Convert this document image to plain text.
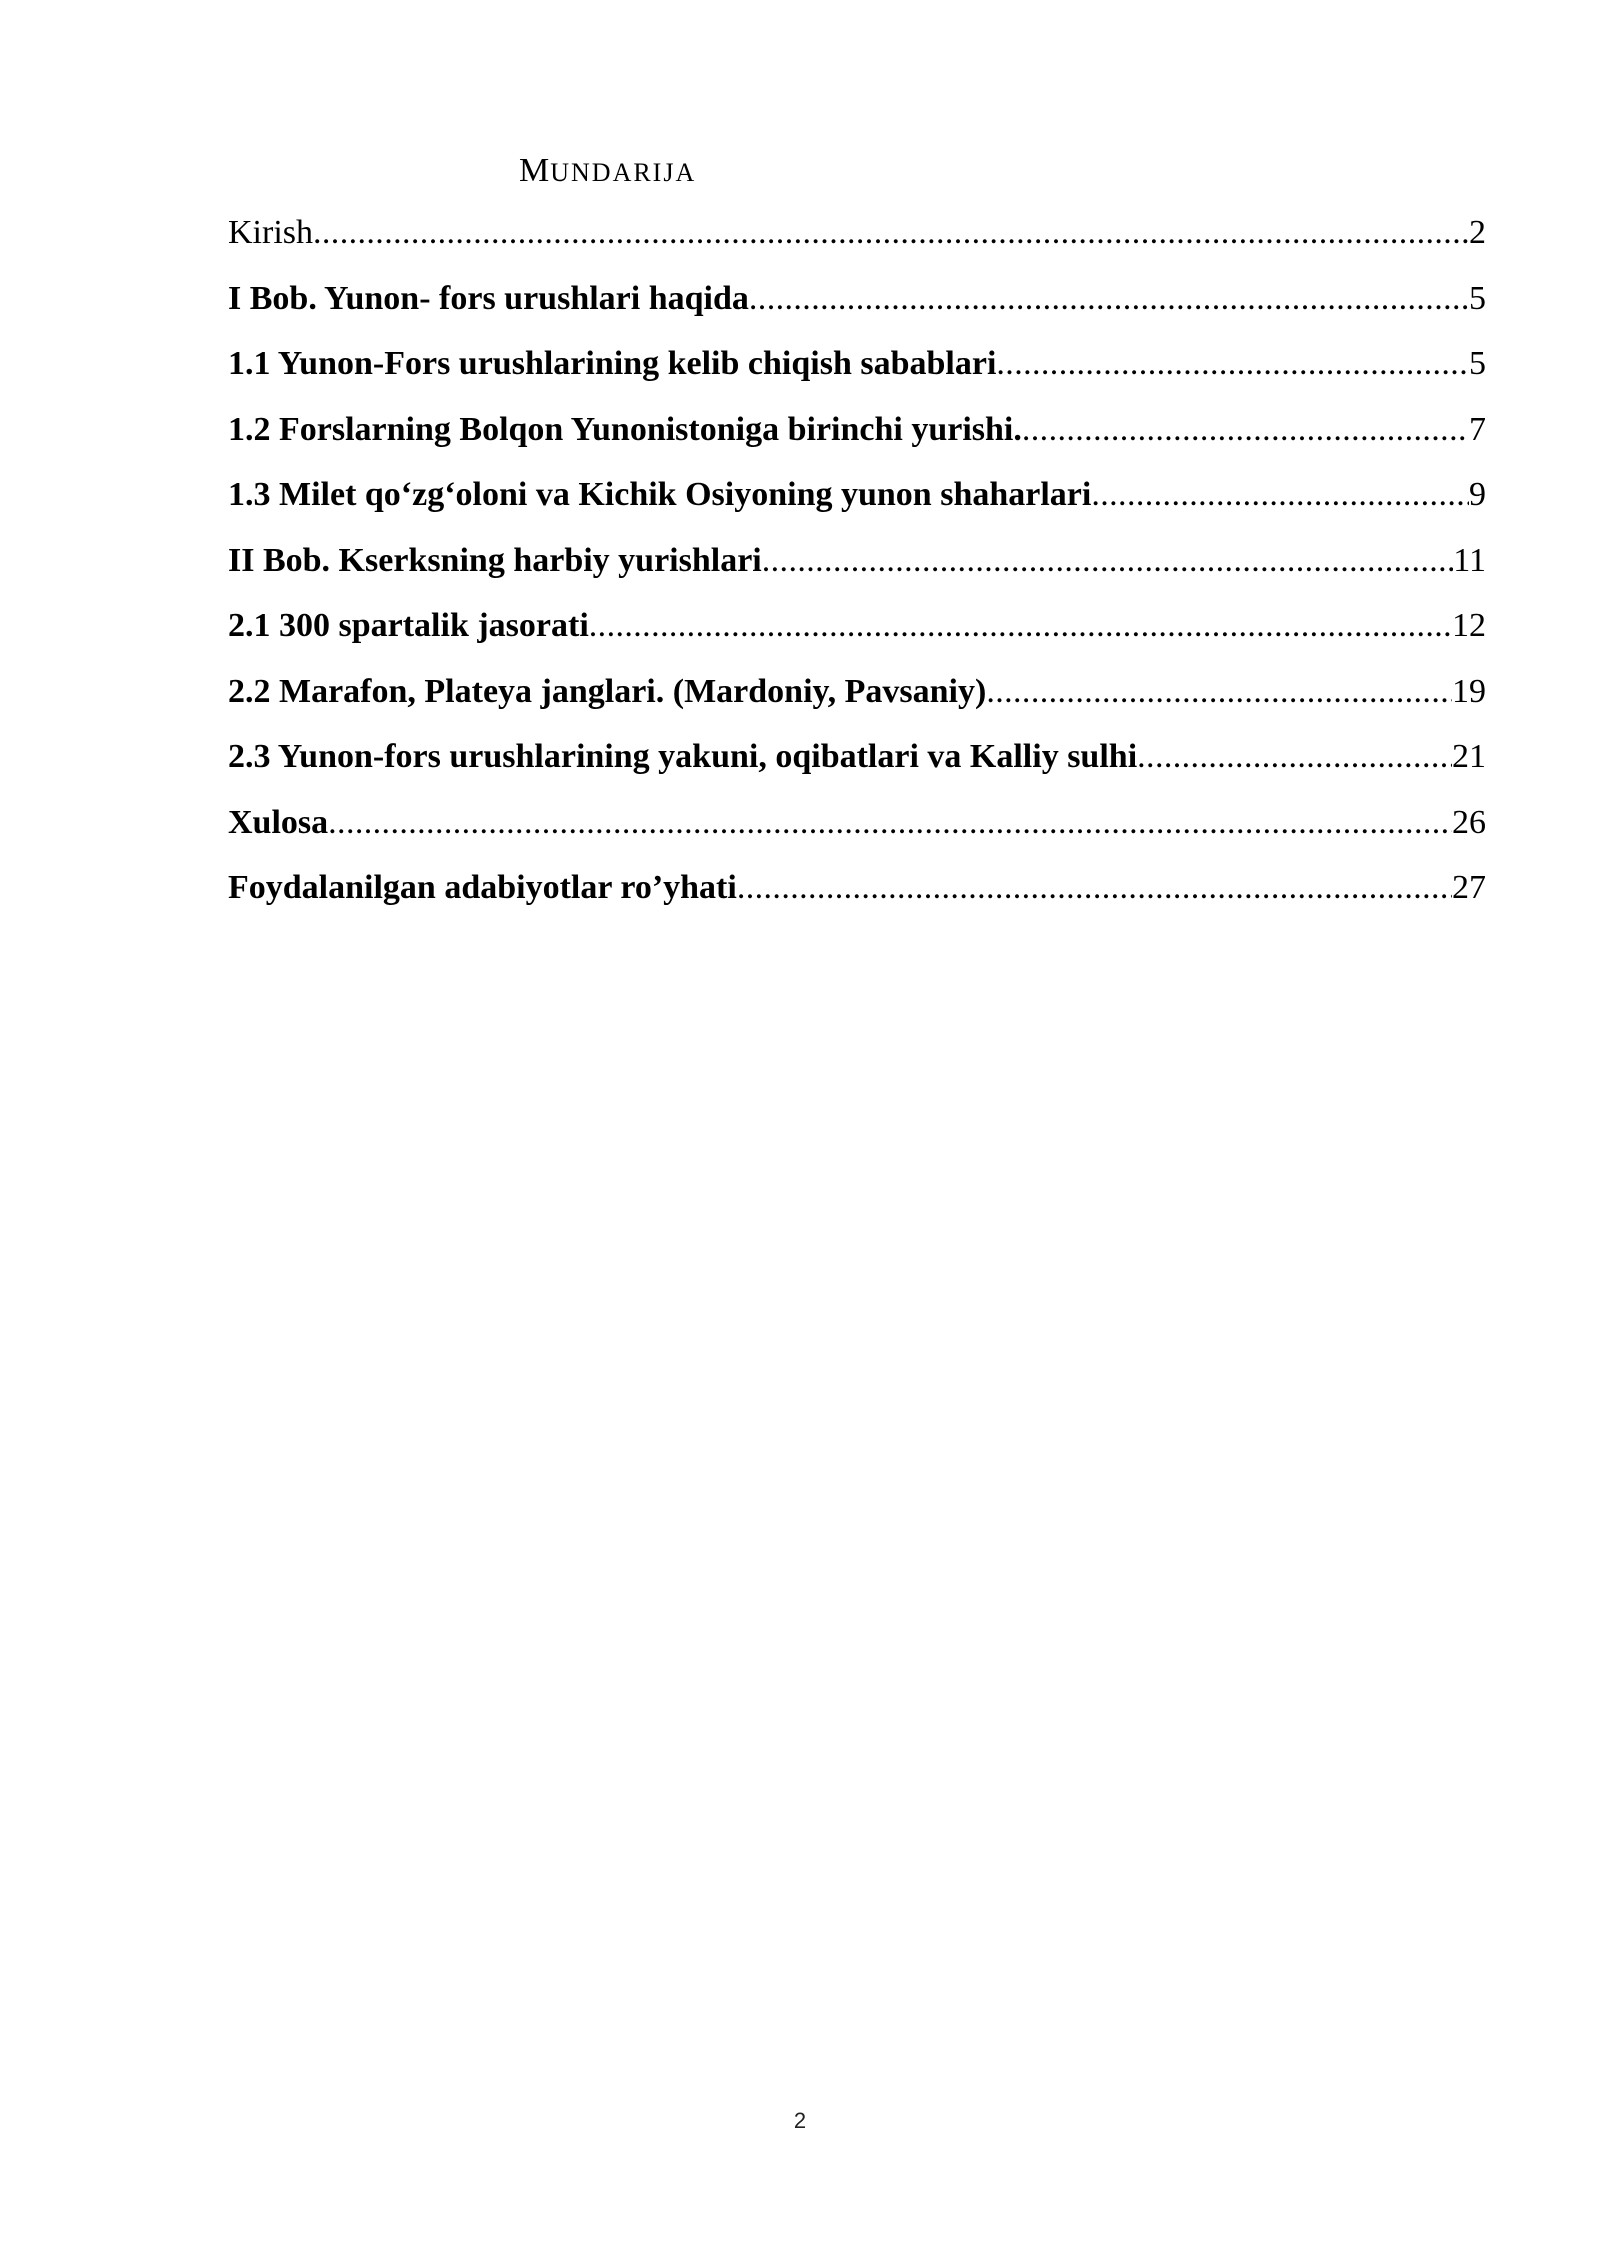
MUNDARIJA
Kirish .....	2
I Bob. Yunon- fors urushlari haqida .....	5
1.1 Yunon-Fors urushlarining kelib chiqish sabablari .....	5
1.2 Forslarning Bolqon Yunonistoniga birinchi yurishi. .....	7
1.3 Milet qo‘zg‘oloni va Kichik Osiyoning yunon shaharlari .....	9
II Bob. Kserksning harbiy yurishlari .....	11
2.1 300 spartalik jasorati .....	12
2.2 Marafon, Plateya janglari. (Mardoniy, Pavsaniy) .....	19
2.3 Yunon-fors urushlarining yakuni, oqibatlari va Kalliy sulhi .....	21
Xulosa .....	26
Foydalanilgan adabiyotlar ro’yhati .....	27
2
